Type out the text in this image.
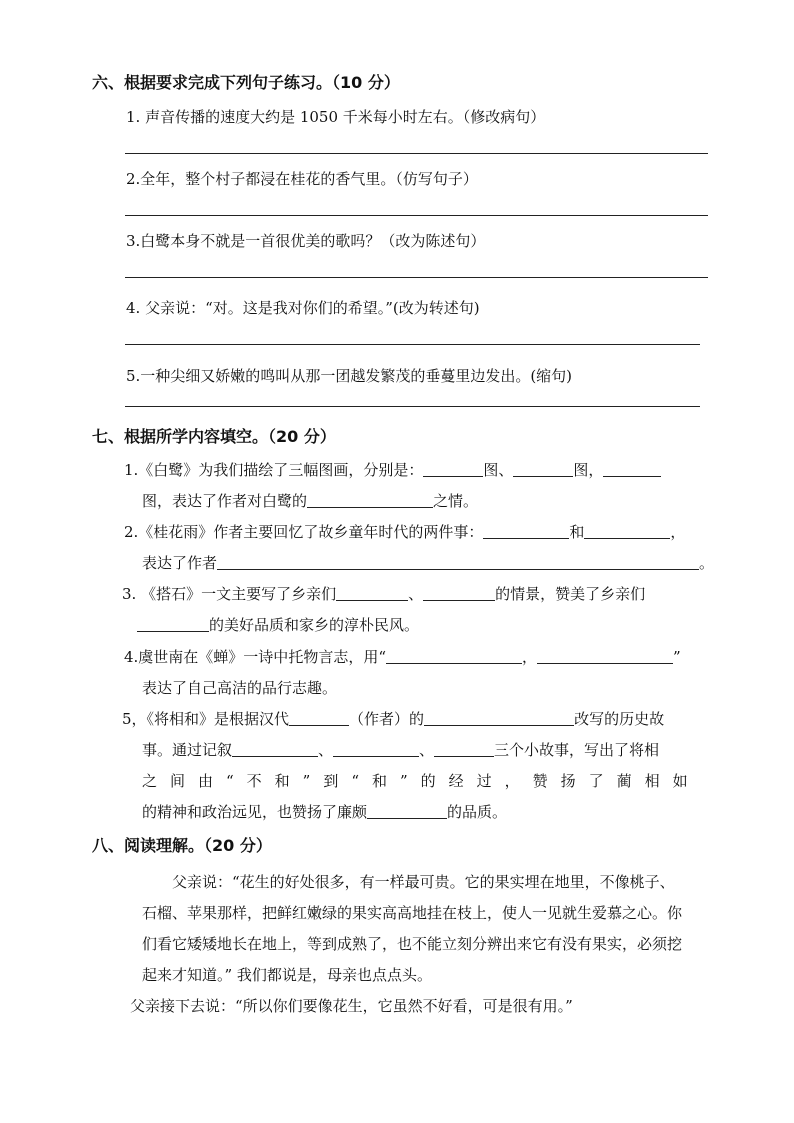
六、根据要求完成下列句子练习。（10 分）
1. 声音传播的速度大约是 1050 千米每小时左右。（修改病句）
2.全年，整个村子都浸在桂花的香气里。（仿写句子）
3.白鹭本身不就是一首很优美的歌吗？（改为陈述句）
4. 父亲说：“对。这是我对你们的希望。”(改为转述句)
5.一种尖细又娇嫩的鸣叫从那一团越发繁茂的垂蔓里边发出。(缩句)
七、根据所学内容填空。（20 分）
1.《白鹭》为我们描绘了三幅图画，分别是：	图、	图，
图，表达了作者对白鹭的	之情。
2.《桂花雨》作者主要回忆了故乡童年时代的两件事：	和	，
表达了作者	。
3. 《搭石》一文主要写了乡亲们	、	的情景，赞美了乡亲们
的美好品质和家乡的淳朴民风。
4.虞世南在《蝉》一诗中托物言志，用“	，	”
表达了自己高洁的品行志趣。
5，《将相和》是根据汉代	（作者）的	改写的历史故
事。通过记叙	、	、	三个小故事，写出了将相
之间由“不和”到“和”的经过，赞扬了蔺相如
的精神和政治远见，也赞扬了廉颇	的品质。
八、阅读理解。（20 分）
父亲说：“花生的好处很多，有一样最可贵。它的果实埋在地里，不像桃子、
石榴、苹果那样，把鲜红嫩绿的果实高高地挂在枝上，使人一见就生爱慕之心。你
们看它矮矮地长在地上，等到成熟了，也不能立刻分辨出来它有没有果实，必须挖
起来才知道。” 我们都说是，母亲也点点头。
父亲接下去说：“所以你们要像花生，它虽然不好看，可是很有用。”
